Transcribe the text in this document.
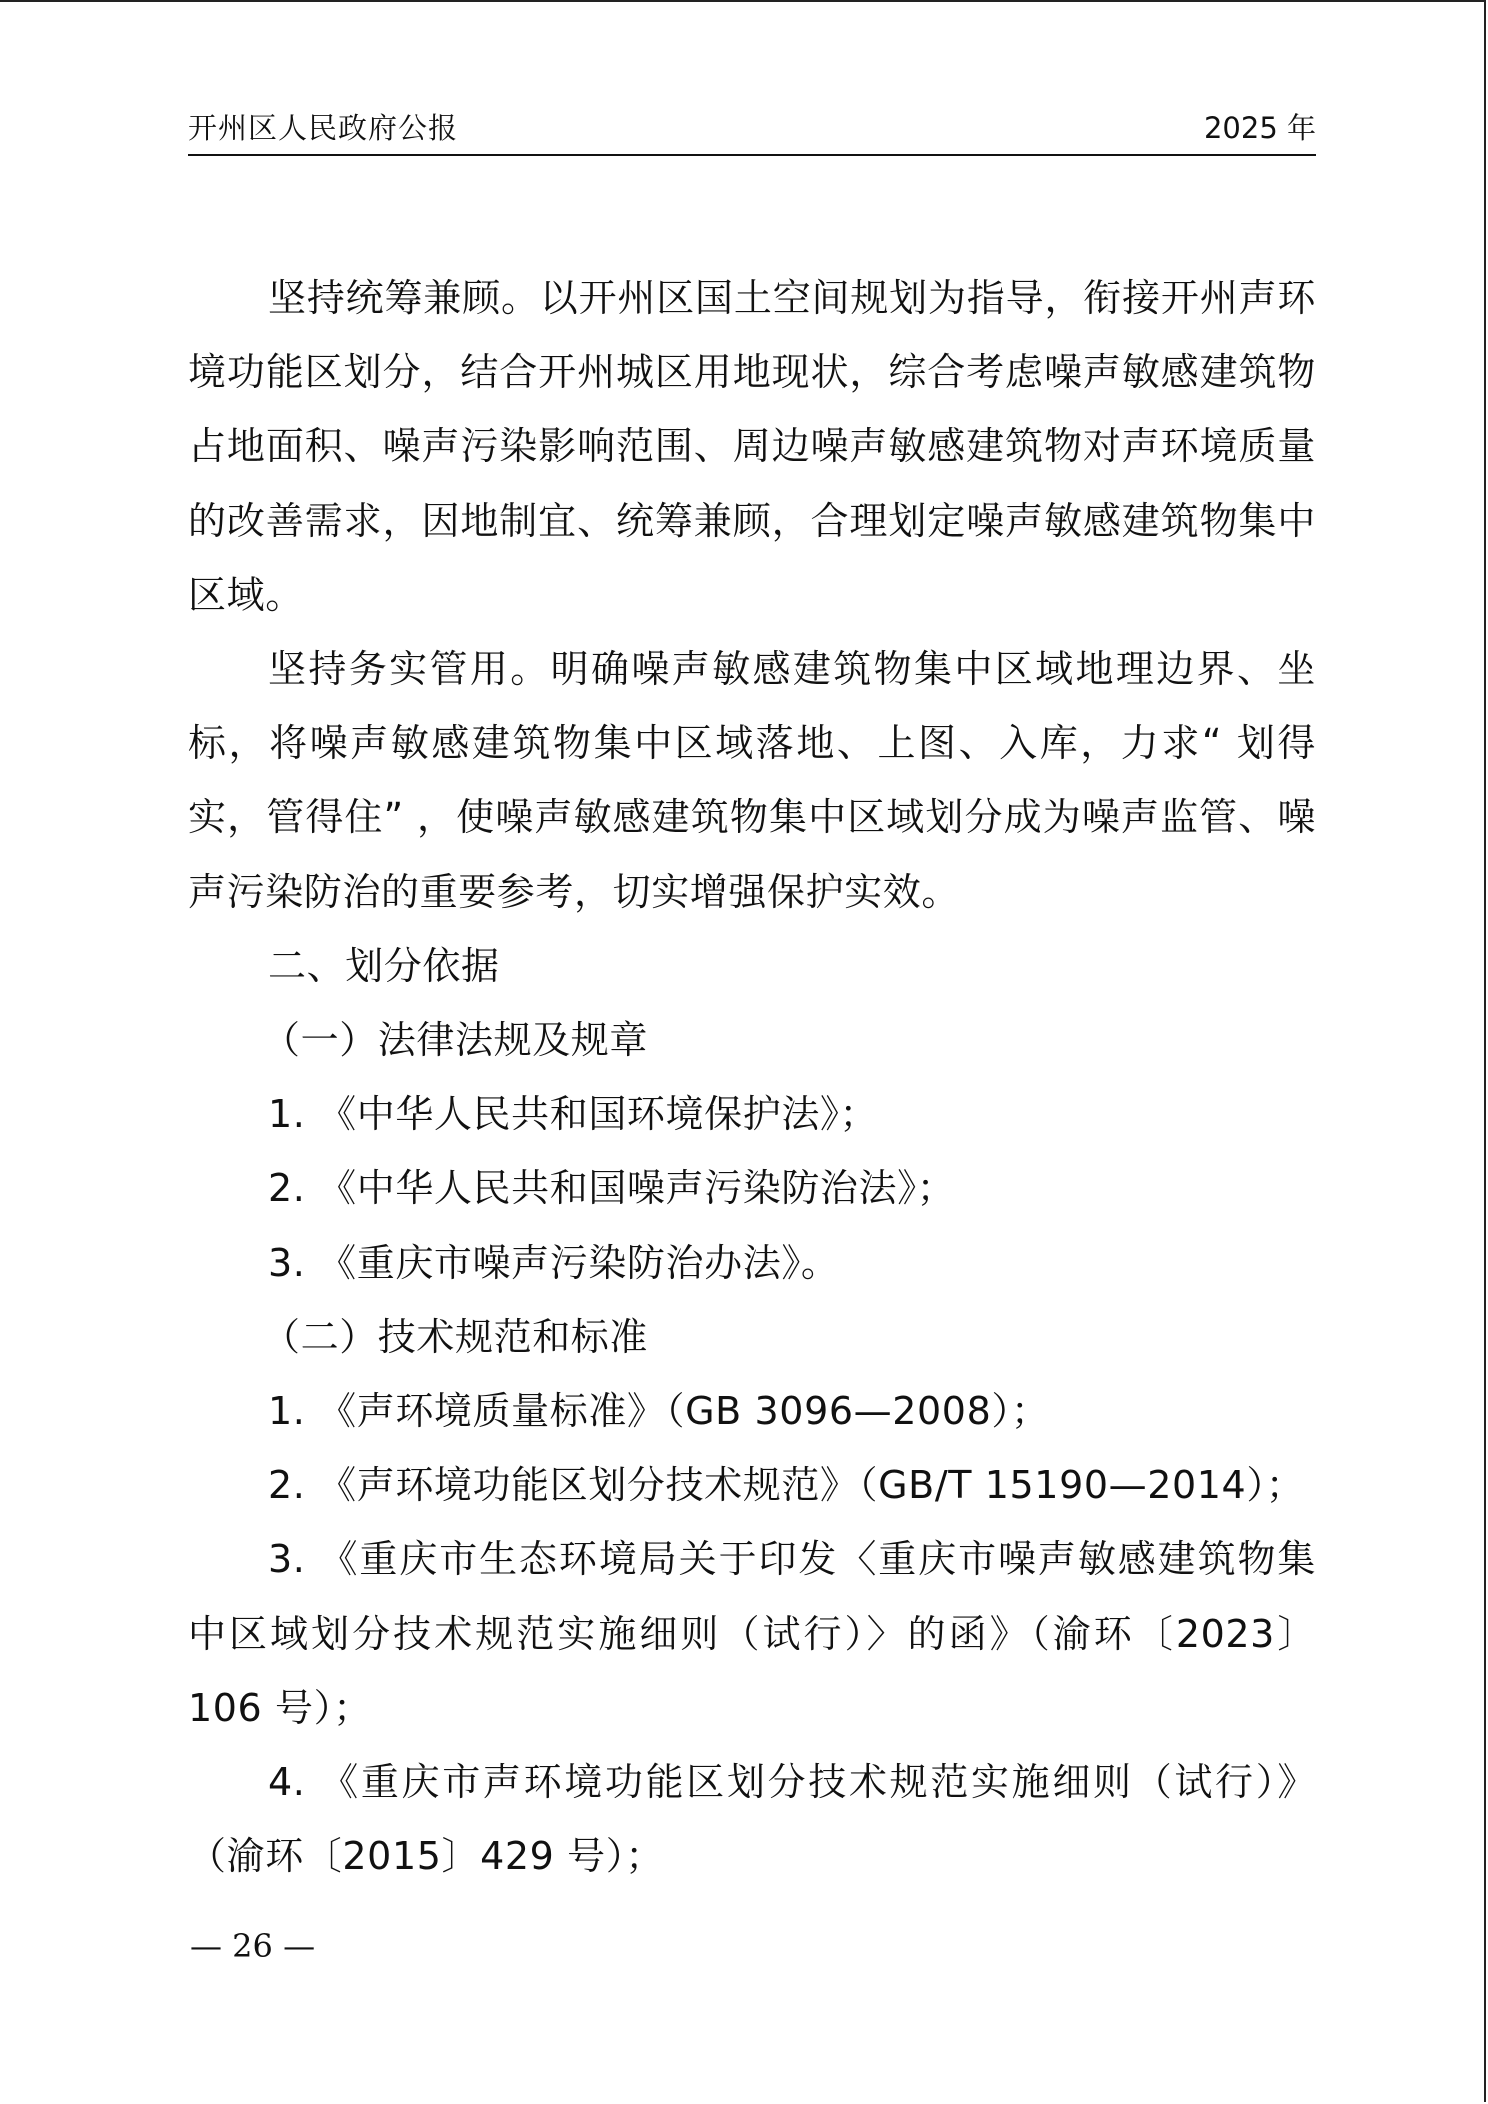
开州区人民政府公报	2025 年

坚持统筹兼顾。以开州区国土空间规划为指导，衔接开州声环境功能区划分，结合开州城区用地现状，综合考虑噪声敏感建筑物占地面积、噪声污染影响范围、周边噪声敏感建筑物对声环境质量的改善需求，因地制宜、统筹兼顾，合理划定噪声敏感建筑物集中区域。

坚持务实管用。明确噪声敏感建筑物集中区域地理边界、坐标，将噪声敏感建筑物集中区域落地、上图、入库，力求“ 划得实，管得住” ，使噪声敏感建筑物集中区域划分成为噪声监管、噪声污染防治的重要参考，切实增强保护实效。

二、划分依据

（一）法律法规及规章

1. 《中华人民共和国环境保护法》；

2. 《中华人民共和国噪声污染防治法》；

3. 《重庆市噪声污染防治办法》。

（二）技术规范和标准

1. 《声环境质量标准》（GB 3096—2008）；

2. 《声环境功能区划分技术规范》（GB/T 15190—2014）；

3. 《重庆市生态环境局关于印发〈重庆市噪声敏感建筑物集中区域划分技术规范实施细则（试行）〉的函》（渝环〔2023〕106 号）；

4. 《重庆市声环境功能区划分技术规范实施细则（试行）》（渝环〔2015〕429 号）；

— 26 —
